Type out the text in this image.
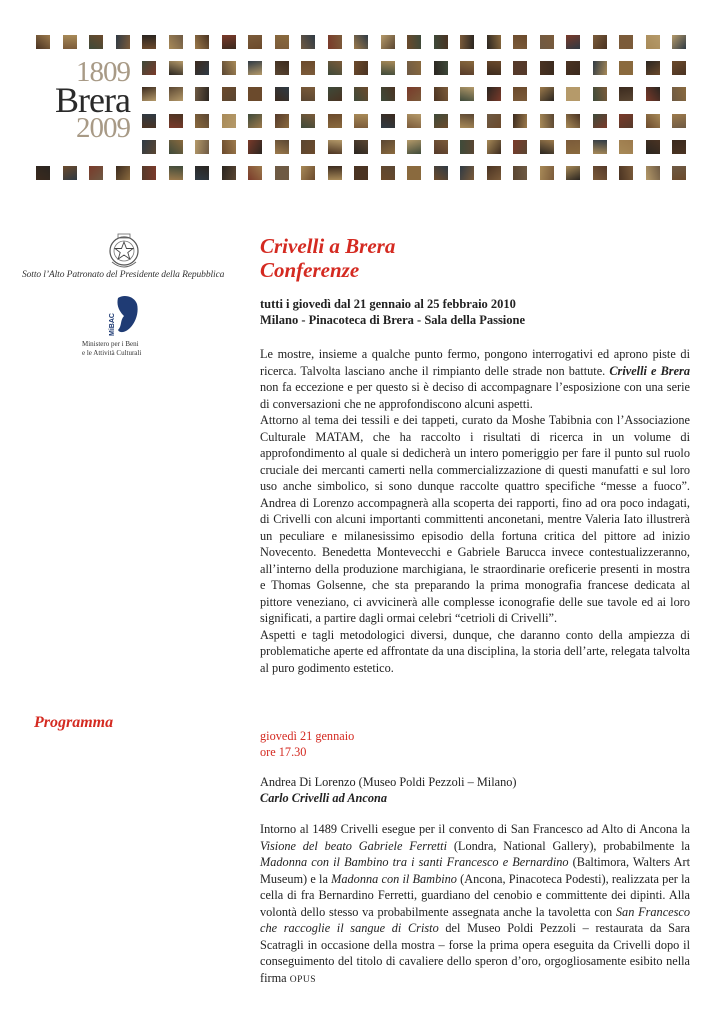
1809
Brera
2009
Sotto l’Alto Patronato del Presidente della Repubblica
MiBAC
Ministero per i Beni
e le Attività Culturali
Crivelli a Brera
Conferenze
tutti i giovedì dal 21 gennaio al 25 febbraio 2010
Milano - Pinacoteca di Brera - Sala della Passione

Le mostre, insieme a qualche punto fermo, pongono interrogativi ed aprono piste di ricerca. Talvolta lasciano anche il rimpianto delle strade non battute. Crivelli e Brera non fa eccezione e per questo si è deciso di accompagnare l’esposizione con una serie di conversazioni che ne approfondiscono alcuni aspetti.

Attorno al tema dei tessili e dei tappeti, curato da Moshe Tabibnia con l’Associazione Culturale MATAM, che ha raccolto i risultati di ricerca in un volume di approfondimento al quale si dedicherà un intero pomeriggio per fare il punto sul ruolo cruciale dei mercanti camerti nella commercializzazione di questi manufatti e sul loro uso anche simbolico, si sono dunque raccolte quattro specifiche “messe a fuoco”. Andrea di Lorenzo accompagnerà alla scoperta dei rapporti, fino ad ora poco indagati, di Crivelli con alcuni importanti committenti anconetani, mentre Valeria Iato illustrerà un peculiare e milanesissimo episodio della fortuna critica del pittore ad inizio Novecento. Benedetta Montevecchi e Gabriele Barucca invece contestualizzeranno, all’interno della produzione marchigiana, le straordinarie oreficerie presenti in mostra e Thomas Golsenne, che sta preparando la prima monografia francese dedicata al pittore veneziano, ci avvicinerà alle complesse iconografie delle sue tavole ed ai loro significati, a partire dagli ormai celebri “cetrioli di Crivelli”.

Aspetti e tagli metodologici diversi, dunque, che daranno conto della ampiezza di problematiche aperte ed affrontate da una disciplina, la storia dell’arte, relegata talvolta al puro godimento estetico.

Programma
giovedì 21 gennaio
ore 17.30
Andrea Di Lorenzo (Museo Poldi Pezzoli – Milano)
Carlo Crivelli ad Ancona

Intorno al 1489 Crivelli esegue per il convento di San Francesco ad Alto di Ancona la Visione del beato Gabriele Ferretti (Londra, National Gallery), probabilmente la Madonna con il Bambino tra i santi Francesco e Bernardino (Baltimora, Walters Art Museum) e la Madonna con il Bambino (Ancona, Pinacoteca Podesti), realizzata per la cella di fra Bernardino Ferretti, guardiano del cenobio e committente dei dipinti. Alla volontà dello stesso va probabilmente assegnata anche la tavoletta con San Francesco che raccoglie il sangue di Cristo del Museo Poldi Pezzoli – restaurata da Sara Scatragli in occasione della mostra – forse la prima opera eseguita da Crivelli dopo il conseguimento del titolo di cavaliere dello speron d’oro, orgogliosamente esibito nella firma OPUS
